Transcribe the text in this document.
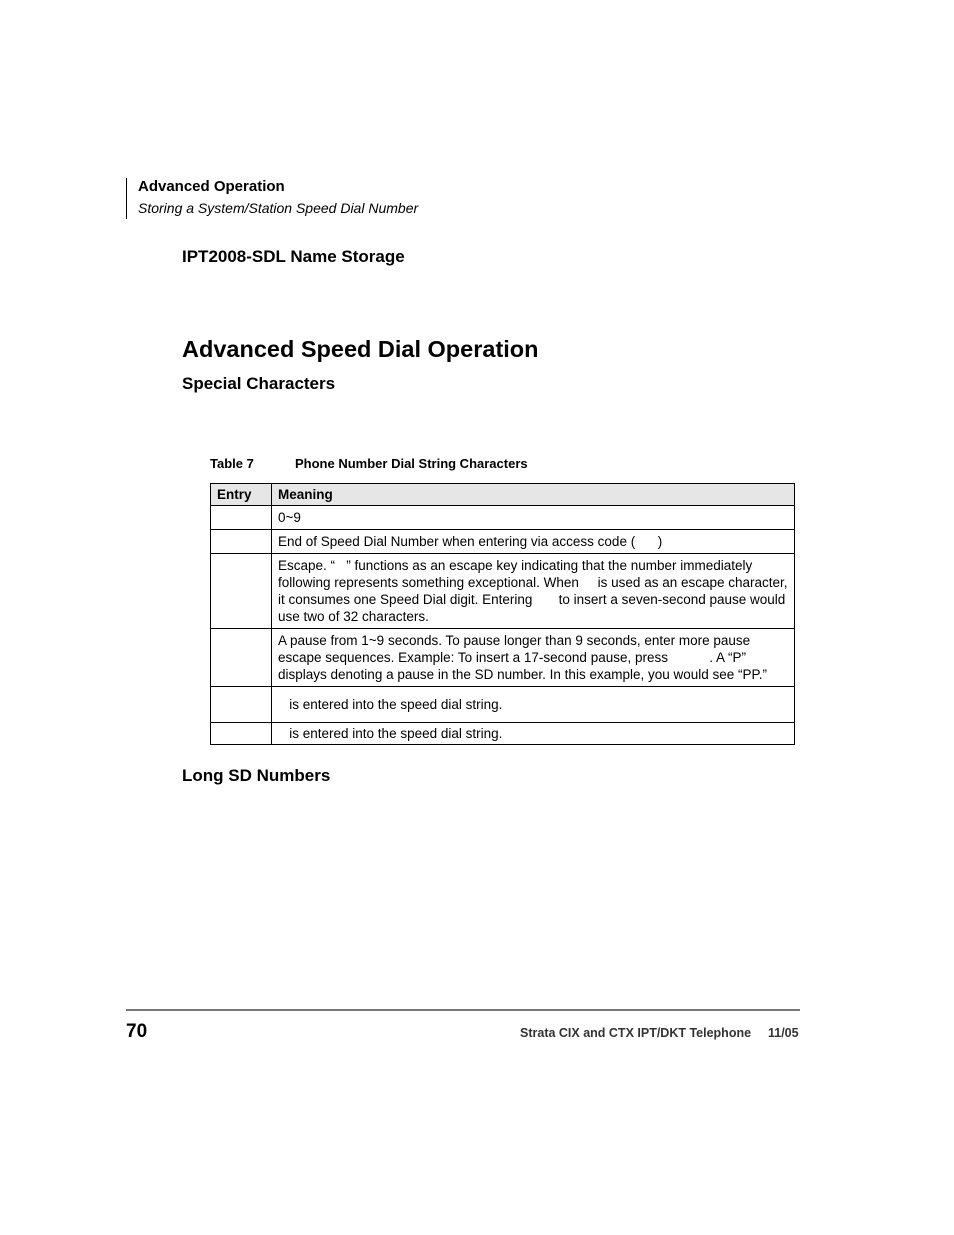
Advanced Operation
Storing a System/Station Speed Dial Number
IPT2008-SDL Name Storage
Advanced Speed Dial Operation
Special Characters
Table 7	Phone Number Dial String Characters
Entry	Meaning
	0~9
	End of Speed Dial Number when entering via access code (      )
	Escape. “   ” functions as an escape key indicating that the number immediately following represents something exceptional. When     is used as an escape character, it consumes one Speed Dial digit. Entering       to insert a seven-second pause would use two of 32 characters.
	A pause from 1~9 seconds. To pause longer than 9 seconds, enter more pause escape sequences. Example: To insert a 17-second pause, press           . A “P” displays denoting a pause in the SD number. In this example, you would see “PP.”
	is entered into the speed dial string.
	is entered into the speed dial string.
Long SD Numbers
70	Strata CIX and CTX IPT/DKT Telephone 11/05
